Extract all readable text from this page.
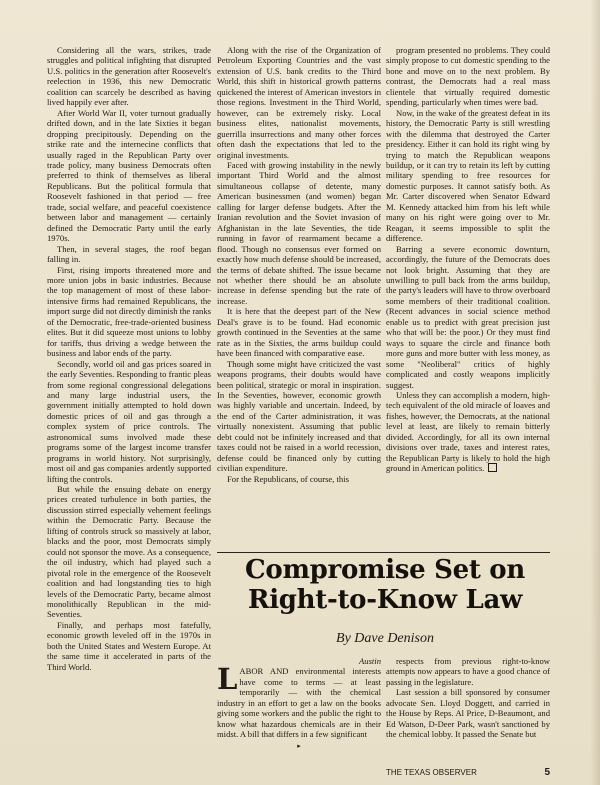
Considering all the wars, strikes, trade struggles and political infighting that disrupted U.S. politics in the generation after Roosevelt's reelection in 1936, this new Democratic coalition can scarcely be described as having lived happily ever after.

After World War II, voter turnout gradually drifted down, and in the late Sixties it began dropping precipitously. Depending on the strike rate and the internecine conflicts that usually raged in the Republican Party over trade policy, many business Democrats often preferred to think of themselves as liberal Republicans. But the political formula that Roosevelt fashioned in that period — free trade, social welfare, and peaceful coexistence between labor and management — certainly defined the Democratic Party until the early 1970s.

Then, in several stages, the roof began falling in.

First, rising imports threatened more and more union jobs in basic industries. Because the top management of most of these labor-intensive firms had remained Republicans, the import surge did not directly diminish the ranks of the Democratic, free-trade-oriented business elites. But it did squeeze most unions to lobby for tariffs, thus driving a wedge between the business and labor ends of the party.

Secondly, world oil and gas prices soared in the early Seventies. Responding to frantic pleas from some regional congressional delegations and many large industrial users, the government initially attempted to hold down domestic prices of oil and gas through a complex system of price controls. The astronomical sums involved made these programs some of the largest income transfer programs in world history. Not surprisingly, most oil and gas companies ardently supported lifting the controls.

But while the ensuing debate on energy prices created turbulence in both parties, the discussion stirred especially vehement feelings within the Democratic Party. Because the lifting of controls struck so massively at labor, blacks and the poor, most Democrats simply could not sponsor the move. As a consequence, the oil industry, which had played such a pivotal role in the emergence of the Roosevelt coalition and had longstanding ties to high levels of the Democratic Party, became almost monolithically Republican in the mid-Seventies.

Finally, and perhaps most fatefully, economic growth leveled off in the 1970s in both the United States and Western Europe. At the same time it accelerated in parts of the Third World.

Along with the rise of the Organization of Petroleum Exporting Countries and the vast extension of U.S. bank credits to the Third World, this shift in historical growth patterns quickened the interest of American investors in those regions. Investment in the Third World, however, can be extremely risky. Local business elites, nationalist movements, guerrilla insurrections and many other forces often dash the expectations that led to the original investments.

Faced with growing instability in the newly important Third World and the almost simultaneous collapse of detente, many American businessmen (and women) began calling for larger defense budgets. After the Iranian revolution and the Soviet invasion of Afghanistan in the late Seventies, the tide running in favor of rearmament became a flood. Though no consensus ever formed on exactly how much defense should be increased, the terms of debate shifted. The issue became not whether there should be an absolute increase in defense spending but the rate of increase.

It is here that the deepest part of the New Deal's grave is to be found. Had economic growth continued in the Seventies at the same rate as in the Sixties, the arms buildup could have been financed with comparative ease.

Though some might have criticized the vast weapons programs, their doubts would have been political, strategic or moral in inspiration. In the Seventies, however, economic growth was highly variable and uncertain. Indeed, by the end of the Carter administration, it was virtually nonexistent. Assuming that public debt could not be infinitely increased and that taxes could not be raised in a world recession, defense could be financed only by cutting civilian expenditure.

For the Republicans, of course, this

program presented no problems. They could simply propose to cut domestic spending to the bone and move on to the next problem. By contrast, the Democrats had a real mass clientele that virtually required domestic spending, particularly when times were bad.

Now, in the wake of the greatest defeat in its history, the Democratic Party is still wrestling with the dilemma that destroyed the Carter presidency. Either it can hold its right wing by trying to match the Republican weapons buildup, or it can try to retain its left by cutting military spending to free resources for domestic purposes. It cannot satisfy both. As Mr. Carter discovered when Senator Edward M. Kennedy attacked him from his left while many on his right were going over to Mr. Reagan, it seems impossible to split the difference.

Barring a severe economic downturn, accordingly, the future of the Democrats does not look bright. Assuming that they are unwilling to pull back from the arms buildup, the party's leaders will have to throw overboard some members of their traditional coalition. (Recent advances in social science method enable us to predict with great precision just who that will be: the poor.) Or they must find ways to square the circle and finance both more guns and more butter with less money, as some "Neoliberal" critics of highly complicated and costly weapons implicitly suggest.

Unless they can accomplish a modern, high-tech equivalent of the old miracle of loaves and fishes, however, the Democrats, at the national level at least, are likely to remain bitterly divided. Accordingly, for all its own internal divisions over trade, taxes and interest rates, the Republican Party is likely to hold the high ground in American politics.

Compromise Set on
Right-to-Know Law
By Dave Denison
Austin

LABOR AND environmental interests have come to terms — at least temporarily — with the chemical industry in an effort to get a law on the books giving some workers and the public the right to know what hazardous chemicals are in their midst. A bill that differs in a few significant

▸

respects from previous right-to-know attempts now appears to have a good chance of passing in the legislature.

Last session a bill sponsored by consumer advocate Sen. Lloyd Doggett, and carried in the House by Reps. Al Price, D-Beaumont, and Ed Watson, D-Deer Park, wasn't sanctioned by the chemical lobby. It passed the Senate but

THE TEXAS OBSERVER	5
